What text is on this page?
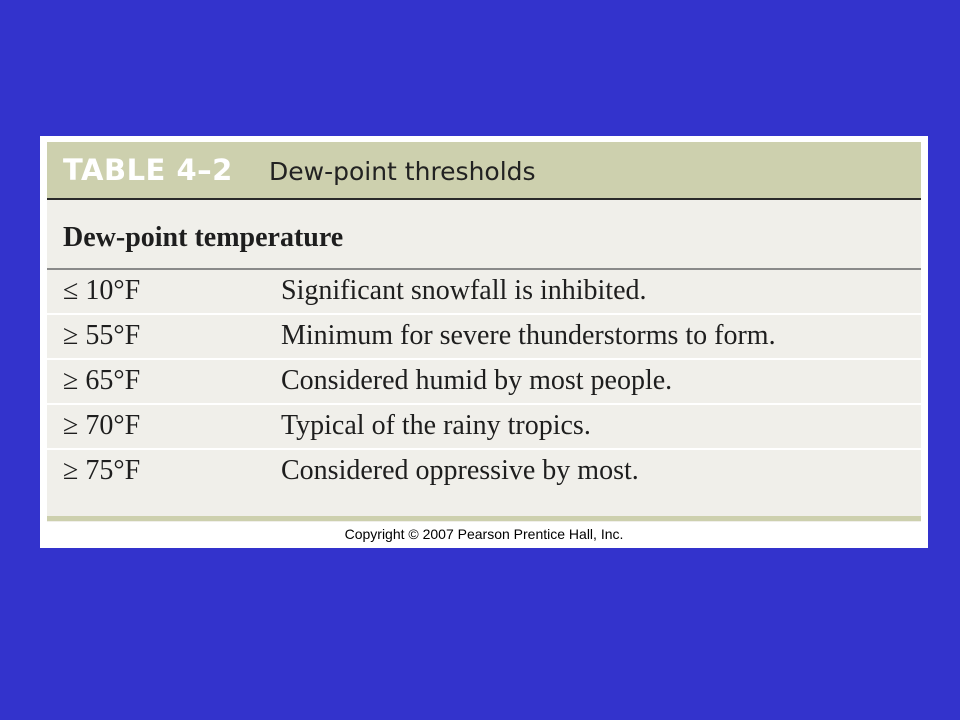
TABLE 4–2 Dew-point thresholds
Dew-point temperature
≤ 10°F	Significant snowfall is inhibited.
≥ 55°F	Minimum for severe thunderstorms to form.
≥ 65°F	Considered humid by most people.
≥ 70°F	Typical of the rainy tropics.
≥ 75°F	Considered oppressive by most.
Copyright © 2007 Pearson Prentice Hall, Inc.
